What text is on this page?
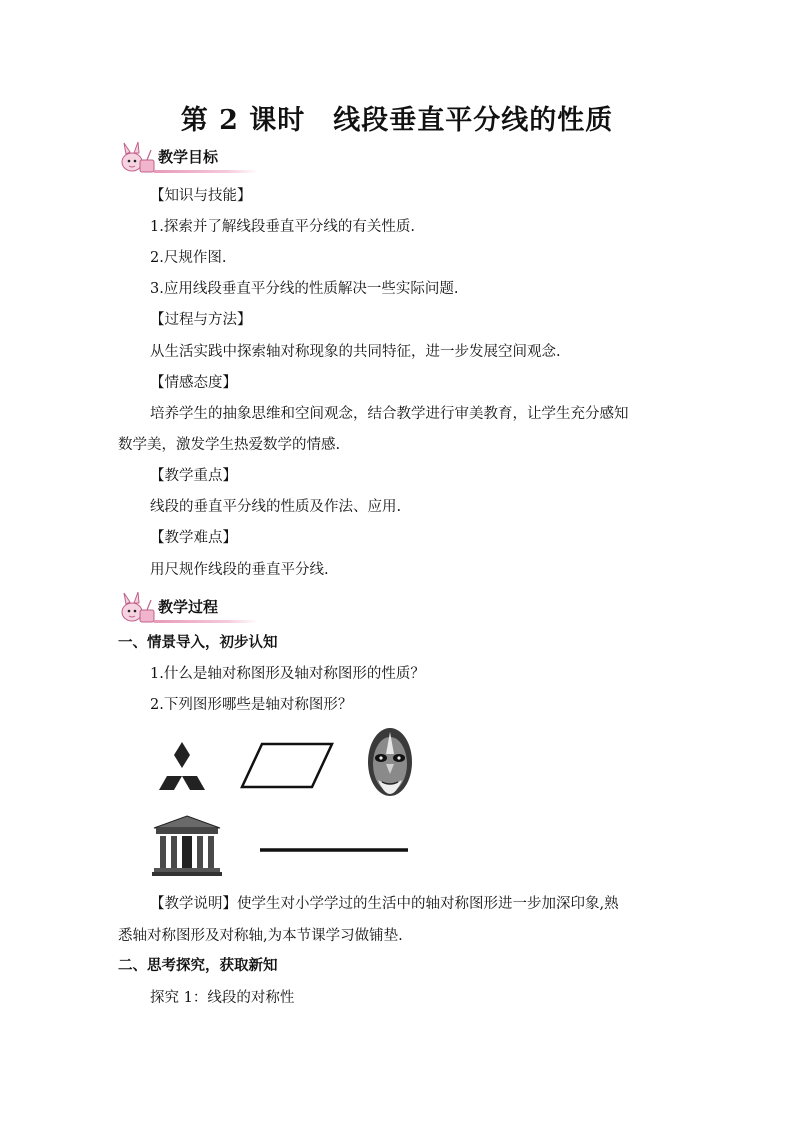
第 2 课时 线段垂直平分线的性质
教学目标
【知识与技能】
1.探索并了解线段垂直平分线的有关性质.
2.尺规作图.
3.应用线段垂直平分线的性质解决一些实际问题.
【过程与方法】
从生活实践中探索轴对称现象的共同特征，进一步发展空间观念.
【情感态度】
培养学生的抽象思维和空间观念，结合教学进行审美教育，让学生充分感知
数学美，激发学生热爱数学的情感.
【教学重点】
线段的垂直平分线的性质及作法、应用.
【教学难点】
用尺规作线段的垂直平分线.
教学过程
一、情景导入，初步认知
1.什么是轴对称图形及轴对称图形的性质？
2.下列图形哪些是轴对称图形？
【教学说明】使学生对小学学过的生活中的轴对称图形进一步加深印象,熟
悉轴对称图形及对称轴,为本节课学习做铺垫.
二、思考探究，获取新知
探究 1：线段的对称性
